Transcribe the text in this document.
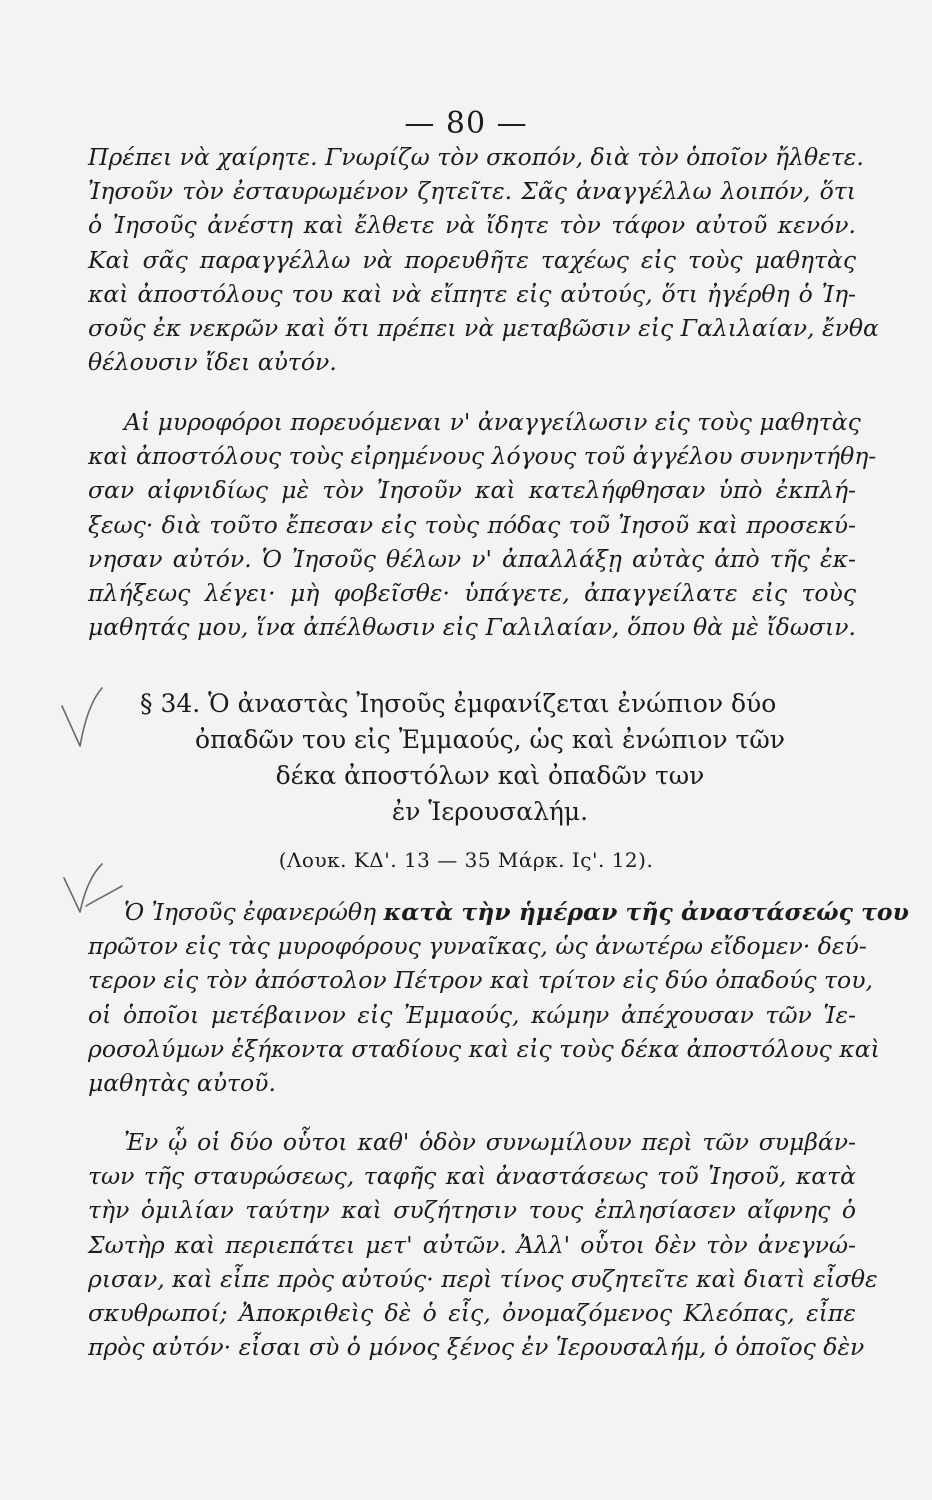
— 80 —
Πρέπει νὰ χαίρητε. Γνωρίζω τὸν σκοπόν, διὰ τὸν ὁποῖον ἤλθετε.
Ἰησοῦν τὸν ἐσταυρωμένον ζητεῖτε. Σᾶς ἀναγγέλλω λοιπόν, ὅτι
ὁ Ἰησοῦς ἀνέστη καὶ ἔλθετε νὰ ἴδητε τὸν τάφον αὐτοῦ κενόν.
Καὶ σᾶς παραγγέλλω νὰ πορευθῆτε ταχέως εἰς τοὺς μαθητὰς
καὶ ἀποστόλους του καὶ νὰ εἴπητε εἰς αὐτούς, ὅτι ἠγέρθη ὁ Ἰη-
σοῦς ἐκ νεκρῶν καὶ ὅτι πρέπει νὰ μεταβῶσιν εἰς Γαλιλαίαν, ἔνθα
θέλουσιν ἴδει αὐτόν.
Αἱ μυροφόροι πορευόμεναι ν' ἀναγγείλωσιν εἰς τοὺς μαθητὰς
καὶ ἀποστόλους τοὺς εἰρημένους λόγους τοῦ ἀγγέλου συνηντήθη-
σαν αἰφνιδίως μὲ τὸν Ἰησοῦν καὶ κατελήφθησαν ὑπὸ ἐκπλή-
ξεως· διὰ τοῦτο ἔπεσαν εἰς τοὺς πόδας τοῦ Ἰησοῦ καὶ προσεκύ-
νησαν αὐτόν. Ὁ Ἰησοῦς θέλων ν' ἀπαλλάξῃ αὐτὰς ἀπὸ τῆς ἐκ-
πλήξεως λέγει· μὴ φοβεῖσθε· ὑπάγετε, ἀπαγγείλατε εἰς τοὺς
μαθητάς μου, ἵνα ἀπέλθωσιν εἰς Γαλιλαίαν, ὅπου θὰ μὲ ἴδωσιν.
§ 34. Ὁ ἀναστὰς Ἰησοῦς ἐμφανίζεται ἐνώπιον δύο
ὀπαδῶν του εἰς Ἐμμαούς, ὡς καὶ ἐνώπιον τῶν
δέκα ἀποστόλων καὶ ὀπαδῶν των
ἐν Ἱερουσαλήμ.
(Λουκ. ΚΔ'. 13 — 35 Μάρκ. Ις'. 12).
Ὁ Ἰησοῦς ἐφανερώθη κατὰ τὴν ἡμέραν τῆς ἀναστάσεώς του
πρῶτον εἰς τὰς μυροφόρους γυναῖκας, ὡς ἀνωτέρω εἴδομεν· δεύ-
τερον εἰς τὸν ἀπόστολον Πέτρον καὶ τρίτον εἰς δύο ὀπαδούς του,
οἱ ὁποῖοι μετέβαινον εἰς Ἐμμαούς, κώμην ἀπέχουσαν τῶν Ἱε-
ροσολύμων ἑξήκοντα σταδίους καὶ εἰς τοὺς δέκα ἀποστόλους καὶ
μαθητὰς αὐτοῦ.
Ἐν ᾧ οἱ δύο οὗτοι καθ' ὁδὸν συνωμίλουν περὶ τῶν συμβάν-
των τῆς σταυρώσεως, ταφῆς καὶ ἀναστάσεως τοῦ Ἰησοῦ, κατὰ
τὴν ὁμιλίαν ταύτην καὶ συζήτησιν τους ἐπλησίασεν αἴφνης ὁ
Σωτὴρ καὶ περιεπάτει μετ' αὐτῶν. Ἀλλ' οὗτοι δὲν τὸν ἀνεγνώ-
ρισαν, καὶ εἶπε πρὸς αὐτούς· περὶ τίνος συζητεῖτε καὶ διατὶ εἶσθε
σκυθρωποί; Ἀποκριθεὶς δὲ ὁ εἷς, ὀνομαζόμενος Κλεόπας, εἶπε
πρὸς αὐτόν· εἶσαι σὺ ὁ μόνος ξένος ἐν Ἱερουσαλήμ, ὁ ὁποῖος δὲν
